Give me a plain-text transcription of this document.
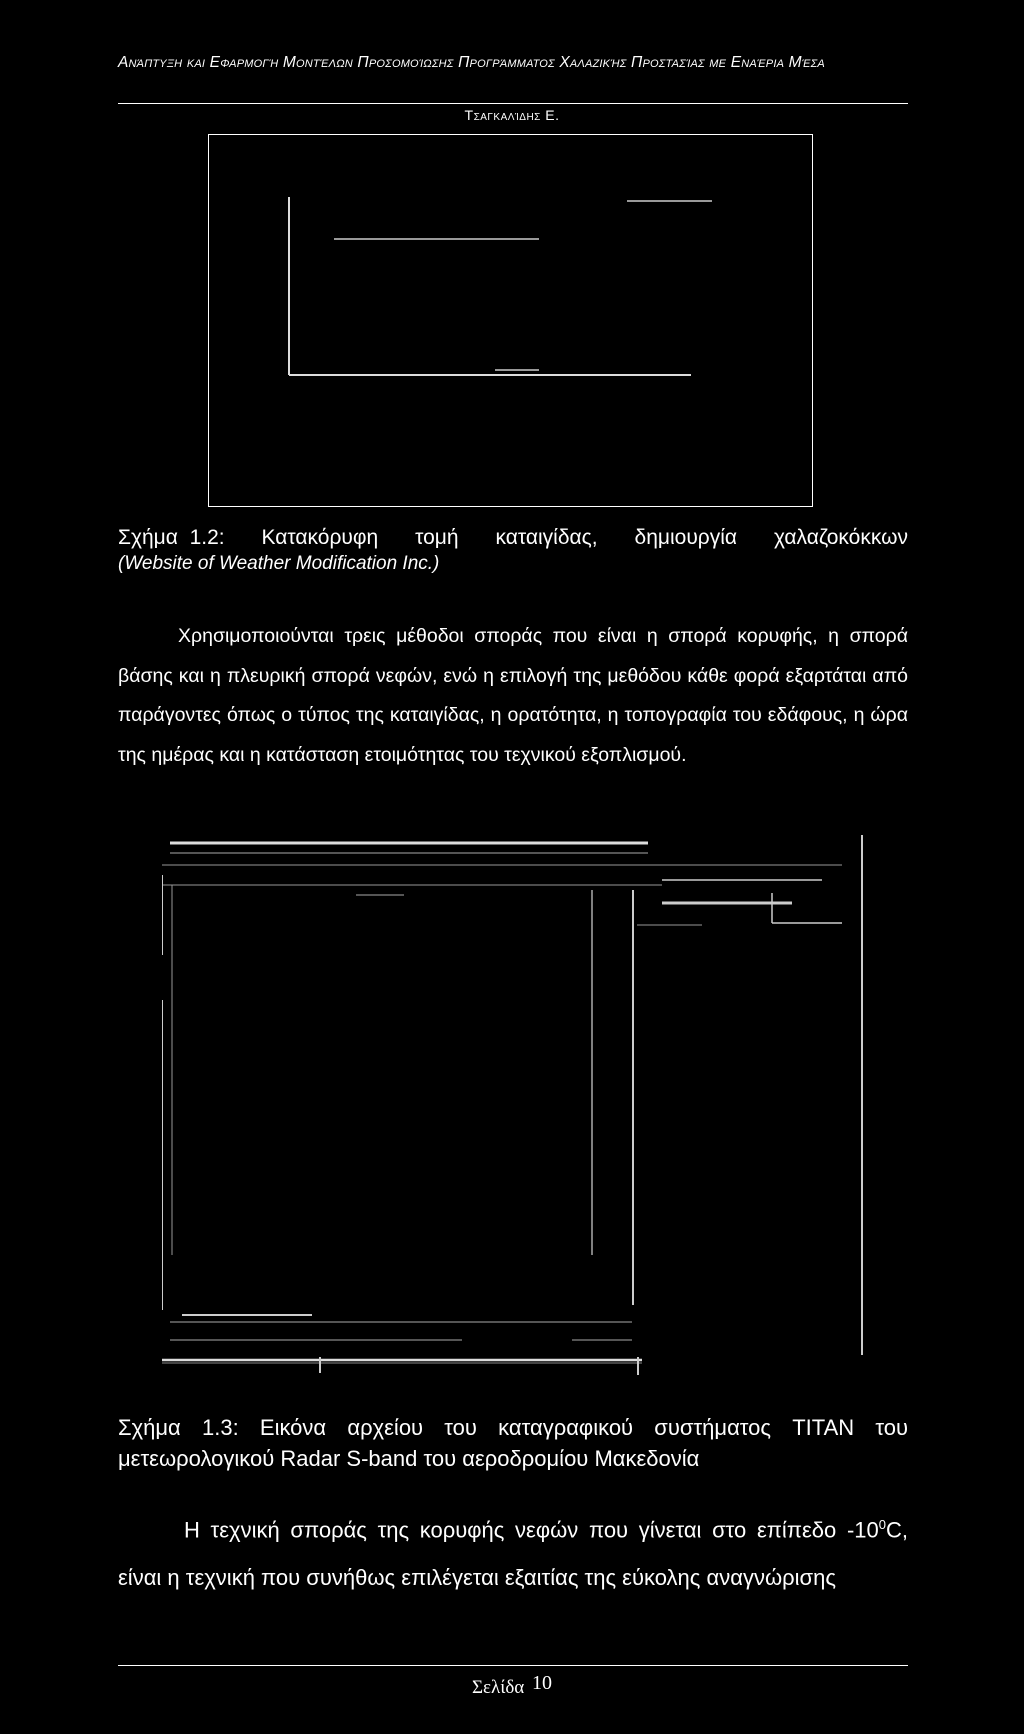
Ανάπτυξη και Εφαρμογή Μοντέλων Προσομοίωσης Προγράμματος Χαλαζικής Προστασίας με Εναέρια Μέσα
Τσαγκαλίδης Ε.
Σχήμα 1.2: Κατακόρυφη τομή καταιγίδας, δημιουργία χαλαζοκόκκων
(Website of Weather Modification Inc.)
Χρησιμοποιούνται τρεις μέθοδοι σποράς που είναι η σπορά κορυφής, η σπορά βάσης και η πλευρική σπορά νεφών, ενώ η επιλογή της μεθόδου κάθε φορά εξαρτάται από παράγοντες όπως ο τύπος της καταιγίδας, η ορατότητα, η τοπογραφία του εδάφους, η ώρα της ημέρας και η κατάσταση ετοιμότητας του τεχνικού εξοπλισμού.
Σχήμα 1.3: Εικόνα αρχείου του καταγραφικού συστήματος TITAN του μετεωρολογικού Radar S-band του αεροδρομίου Μακεδονία
Η τεχνική σποράς της κορυφής νεφών που γίνεται στο επίπεδο $-10^0C$, είναι η τεχνική που συνήθως επιλέγεται εξαιτίας της εύκολης αναγνώρισης
Σελίδα 10
